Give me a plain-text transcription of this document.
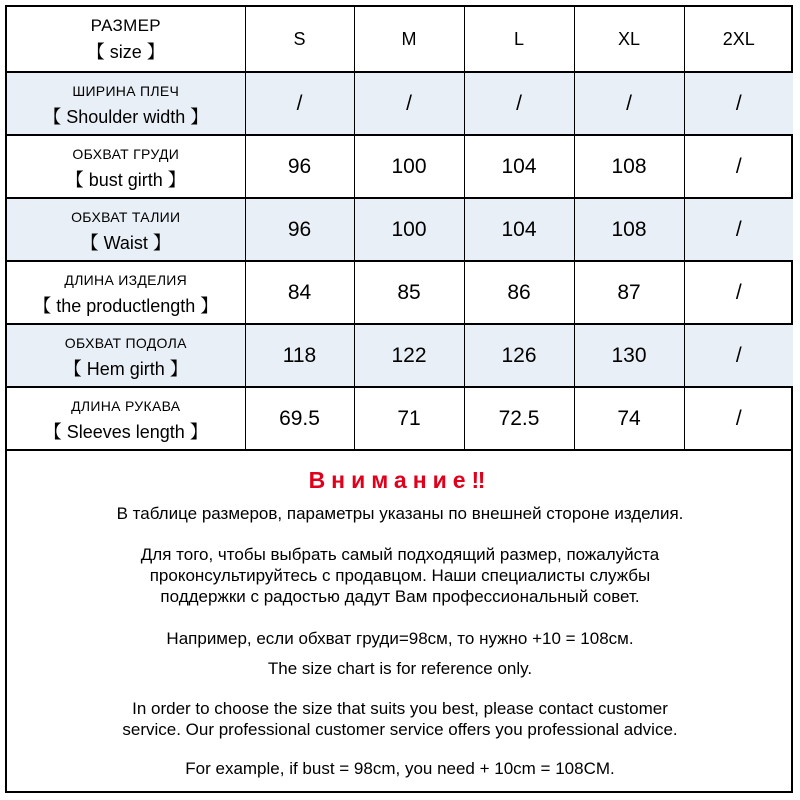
РАЗМЕР
【 size 】	S	M	L	XL	2XL

ШИРИНА ПЛЕЧ
【 Shoulder width 】	/	/	/	/	/

ОБХВАТ ГРУДИ
【 bust girth 】	96	100	104	108	/

ОБХВАТ ТАЛИИ
【 Waist 】	96	100	104	108	/

ДЛИНА ИЗДЕЛИЯ
【 the productlength 】	84	85	86	87	/

ОБХВАТ ПОДОЛА
【 Hem girth 】	118	122	126	130	/

ДЛИНА РУКАВА
【 Sleeves length 】	69.5	71	72.5	74	/
Внимание‼

В таблице размеров, параметры указаны по внешней стороне изделия.

Для того, чтобы выбрать самый подходящий размер, пожалуйста

проконсультируйтесь с продавцом. Наши специалисты службы

поддержки с радостью дадут Вам профессиональный совет.

Например, если обхват груди=98см, то нужно +10 = 108см.

The size chart is for reference only.

In order to choose the size that suits you best, please contact customer

service. Our professional customer service offers you professional advice.

For example, if bust = 98cm, you need + 10cm = 108CM.
